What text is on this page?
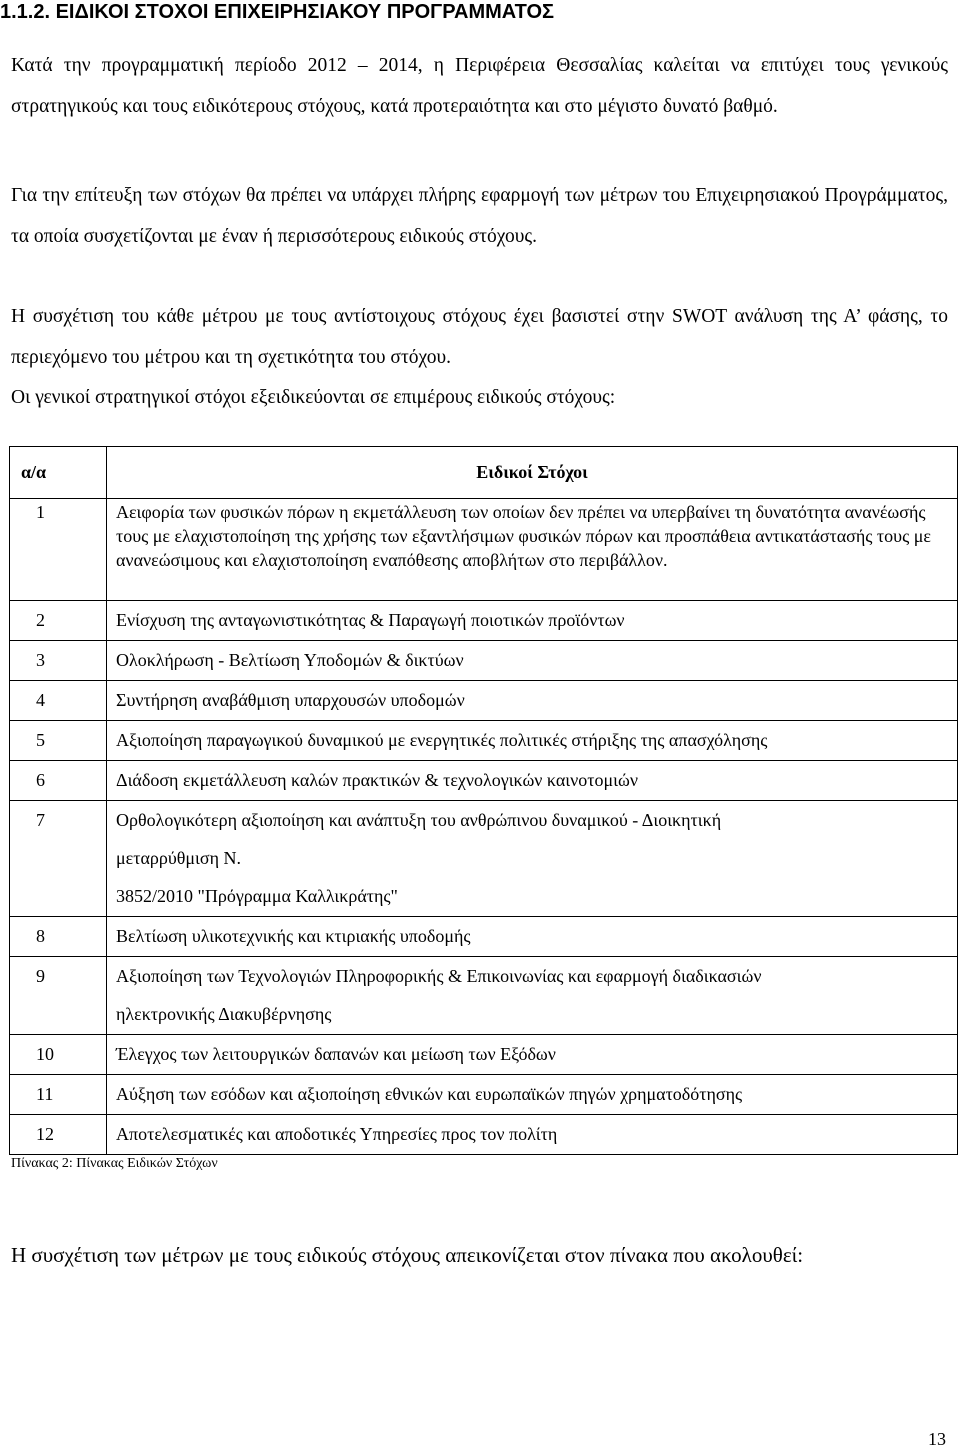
1.1.2. ΕΙΔΙΚΟΙ ΣΤΟΧΟΙ ΕΠΙΧΕΙΡΗΣΙΑΚΟΥ ΠΡΟΓΡΑΜΜΑΤΟΣ
Κατά την προγραμματική περίοδο 2012 – 2014, η Περιφέρεια Θεσσαλίας καλείται να επιτύχει τους γενικούς στρατηγικούς και τους ειδικότερους στόχους, κατά προτεραιότητα και στο μέγιστο δυνατό βαθμό.
Για την επίτευξη των στόχων θα πρέπει να υπάρχει πλήρης εφαρμογή των μέτρων του Επιχειρησιακού Προγράμματος, τα οποία συσχετίζονται με έναν ή περισσότερους ειδικούς στόχους.
Η συσχέτιση του κάθε μέτρου με τους αντίστοιχους στόχους έχει βασιστεί στην SWOT ανάλυση της Α’ φάσης, το περιεχόμενο του μέτρου και τη σχετικότητα του στόχου.
Οι γενικοί στρατηγικοί στόχοι εξειδικεύονται σε επιμέρους ειδικούς στόχους:
α/α	Ειδικοί Στόχοι
1	Αειφορία των φυσικών πόρων η εκμετάλλευση των οποίων δεν πρέπει να υπερβαίνει τη δυνατότητα ανανέωσής τους με ελαχιστοποίηση της χρήσης των εξαντλήσιμων φυσικών πόρων και προσπάθεια αντικατάστασής τους με ανανεώσιμους και ελαχιστοποίηση εναπόθεσης αποβλήτων στο περιβάλλον.

2	Ενίσχυση της ανταγωνιστικότητας & Παραγωγή ποιοτικών προϊόντων
3	Ολοκλήρωση - Βελτίωση Υποδομών & δικτύων
4	Συντήρηση αναβάθμιση υπαρχουσών υποδομών
5	Αξιοποίηση παραγωγικού δυναμικού με ενεργητικές πολιτικές στήριξης της απασχόλησης
6	Διάδοση εκμετάλλευση καλών πρακτικών & τεχνολογικών καινοτομιών
7	Ορθολογικότερη αξιοποίηση και ανάπτυξη του ανθρώπινου δυναμικού - Διοικητική
μεταρρύθμιση Ν.
3852/2010 "Πρόγραμμα Καλλικράτης"

8	Βελτίωση υλικοτεχνικής και κτιριακής υποδομής
9	Αξιοποίηση των Τεχνολογιών Πληροφορικής & Επικοινωνίας και εφαρμογή διαδικασιών
ηλεκτρονικής Διακυβέρνησης

10	Έλεγχος των λειτουργικών δαπανών και μείωση των Εξόδων
11	Αύξηση των εσόδων και αξιοποίηση εθνικών και ευρωπαϊκών πηγών χρηματοδότησης
12	Αποτελεσματικές και αποδοτικές Υπηρεσίες προς τον πολίτη
Πίνακας 2: Πίνακας Ειδικών Στόχων
Η συσχέτιση των μέτρων με τους ειδικούς στόχους απεικονίζεται στον πίνακα που ακολουθεί:
13
